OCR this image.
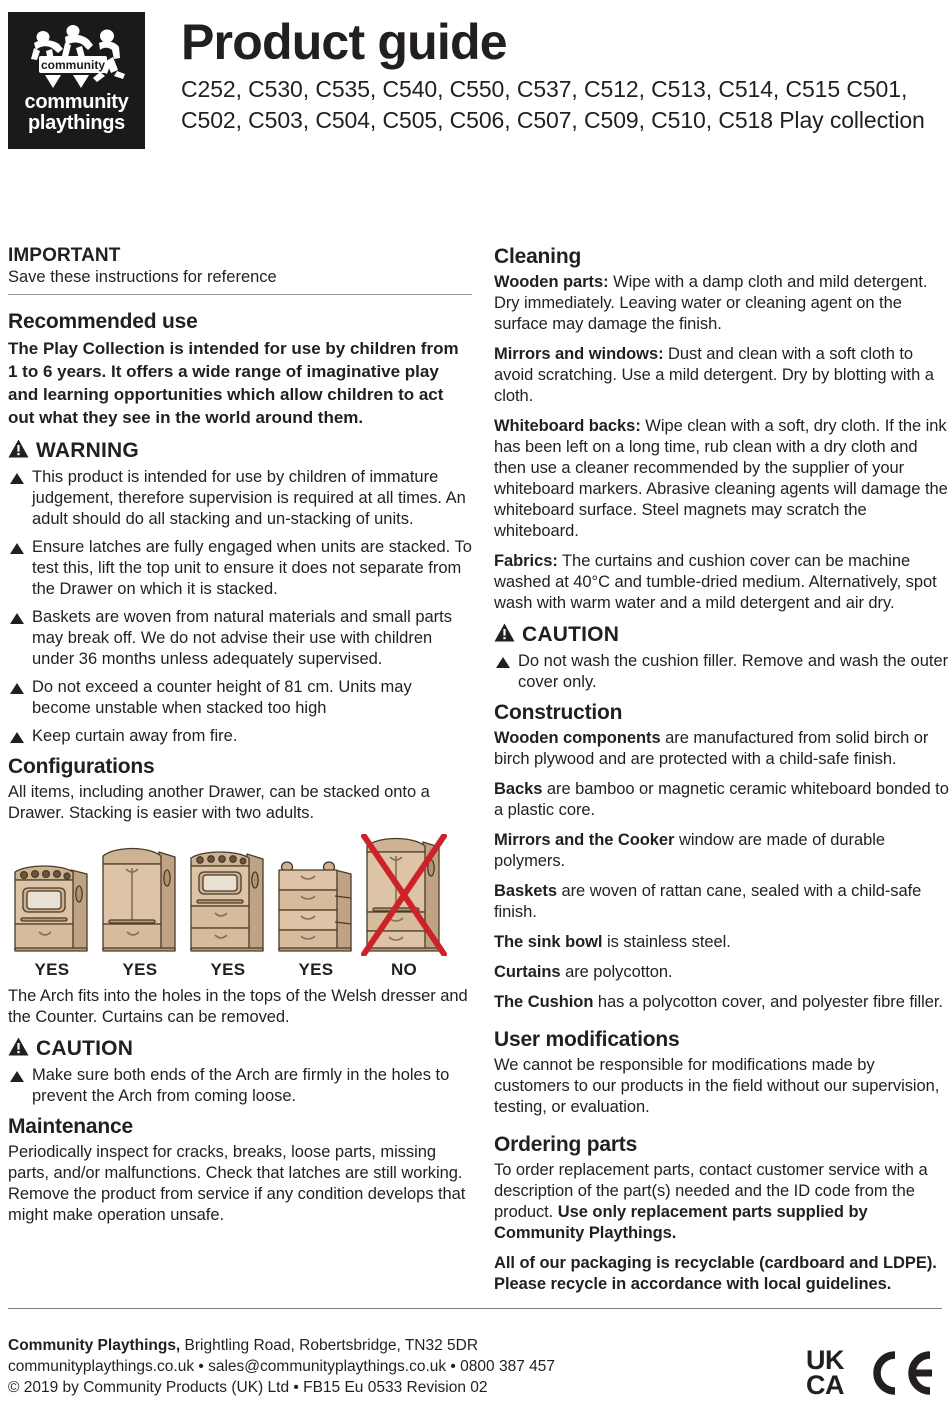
community
community
playthings
Product guide

C252, C530, C535, C540, C550, C537, C512, C513, C514, C515 C501,

C502, C503, C504, C505, C506, C507, C509, C510, C518 Play collection

IMPORTANT

Save these instructions for reference

Recommended use

The Play Collection is intended for use by children from 1 to 6 years. It offers a wide range of imaginative play and learning opportunities which allow children to act out what they see in the world around them.

WARNING
This product is intended for use by children of immature judgement, therefore supervision is required at all times. An adult should do all stacking and un-stacking of units.
Ensure latches are fully engaged when units are stacked. To test this, lift the top unit to ensure it does not separate from the Drawer on which it is stacked.
Baskets are woven from natural materials and small parts may break off. We do not advise their use with children under 36 months unless adequately supervised.
Do not exceed a counter height of 81 cm. Units may become unstable when stacked too high
Keep curtain away from fire.
Configurations

All items, including another Drawer, can be stacked onto a Drawer. Stacking is easier with two adults.

YES	YES	YES	YES	NO

The Arch fits into the holes in the tops of the Welsh dresser and the Counter. Curtains can be removed.

CAUTION
Make sure both ends of the Arch are firmly in the holes to prevent the Arch from coming loose.
Maintenance

Periodically inspect for cracks, breaks, loose parts, missing parts, and/or malfunctions. Check that latches are still working. Remove the product from service if any condition develops that might make operation unsafe.

Cleaning

Wooden parts: Wipe with a damp cloth and mild detergent. Dry immediately. Leaving water or cleaning agent on the surface may damage the finish.

Mirrors and windows: Dust and clean with a soft cloth to avoid scratching. Use a mild detergent. Dry by blotting with a cloth.

Whiteboard backs: Wipe clean with a soft, dry cloth. If the ink has been left on a long time, rub clean with a dry cloth and then use a cleaner recommended by the supplier of your whiteboard markers. Abrasive cleaning agents will damage the whiteboard surface. Steel magnets may scratch the whiteboard.

Fabrics: The curtains and cushion cover can be machine washed at 40°C and tumble-dried medium. Alternatively, spot wash with warm water and a mild detergent and air dry.

CAUTION
Do not wash the cushion filler. Remove and wash the outer cover only.
Construction

Wooden components are manufactured from solid birch or birch plywood and are protected with a child-safe finish.

Backs are bamboo or magnetic ceramic whiteboard bonded to a plastic core.

Mirrors and the Cooker window are made of durable polymers.

Baskets are woven of rattan cane, sealed with a child-safe finish.

The sink bowl is stainless steel.

Curtains are polycotton.

The Cushion has a polycotton cover, and polyester fibre filler.

User modifications

We cannot be responsible for modifications made by customers to our products in the field without our supervision, testing, or evaluation.

Ordering parts

To order replacement parts, contact customer service with a description of the part(s) needed and the ID code from the product. Use only replacement parts supplied by Community Playthings.

All of our packaging is recyclable (cardboard and LDPE). Please recycle in accordance with local guidelines.

Community Playthings, Brightling Road, Robertsbridge, TN32 5DR
communityplaythings.co.uk • sales@communityplaythings.co.uk • 0800 387 457
© 2019 by Community Products (UK) Ltd • FB15 Eu 0533 Revision 02
UK
CA
